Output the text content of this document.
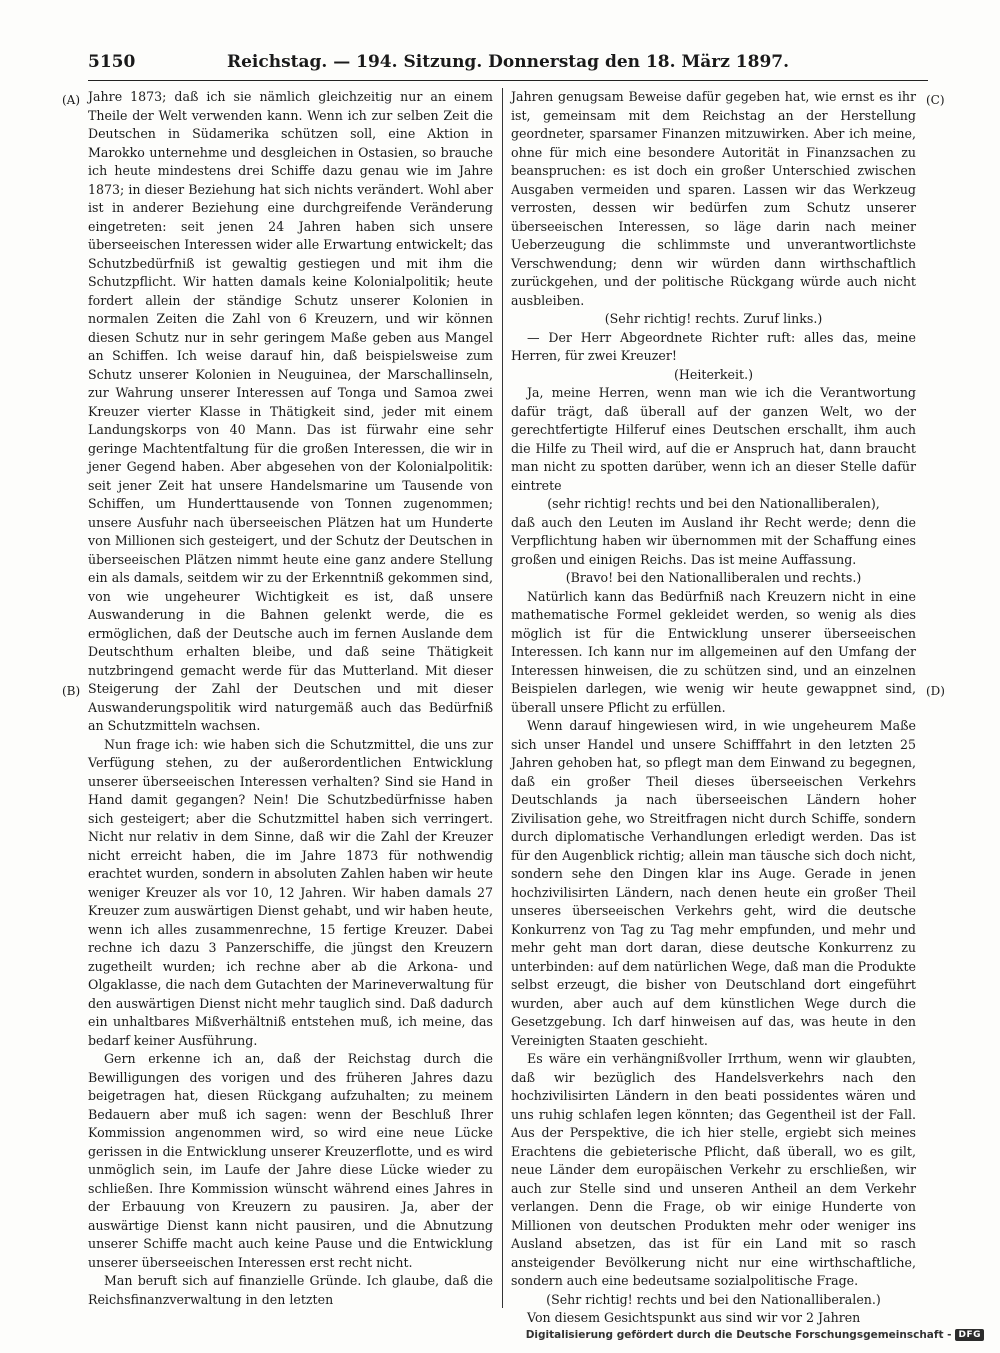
5150	Reichstag. — 194. Sitzung. Donnerstag den 18. März 1897.
(A)
(B)
(C)
(D)

Jahre 1873; daß ich sie nämlich gleichzeitig nur an einem Theile der Welt verwenden kann. Wenn ich zur selben Zeit die Deutschen in Südamerika schützen soll, eine Aktion in Marokko unternehme und desgleichen in Ostasien, so brauche ich heute mindestens drei Schiffe dazu genau wie im Jahre 1873; in dieser Beziehung hat sich nichts verändert. Wohl aber ist in anderer Beziehung eine durchgreifende Veränderung eingetreten: seit jenen 24 Jahren haben sich unsere überseeischen Interessen wider alle Erwartung entwickelt; das Schutzbedürfniß ist gewaltig gestiegen und mit ihm die Schutzpflicht. Wir hatten damals keine Kolonialpolitik; heute fordert allein der ständige Schutz unserer Kolonien in normalen Zeiten die Zahl von 6 Kreuzern, und wir können diesen Schutz nur in sehr geringem Maße geben aus Mangel an Schiffen. Ich weise darauf hin, daß beispielsweise zum Schutz unserer Kolonien in Neuguinea, der Marschallinseln, zur Wahrung unserer Interessen auf Tonga und Samoa zwei Kreuzer vierter Klasse in Thätigkeit sind, jeder mit einem Landungskorps von 40 Mann. Das ist fürwahr eine sehr geringe Machtentfaltung für die großen Interessen, die wir in jener Gegend haben. Aber abgesehen von der Kolonialpolitik: seit jener Zeit hat unsere Handelsmarine um Tausende von Schiffen, um Hunderttausende von Tonnen zugenommen; unsere Ausfuhr nach überseeischen Plätzen hat um Hunderte von Millionen sich gesteigert, und der Schutz der Deutschen in überseeischen Plätzen nimmt heute eine ganz andere Stellung ein als damals, seitdem wir zu der Erkenntniß gekommen sind, von wie ungeheurer Wichtigkeit es ist, daß unsere Auswanderung in die Bahnen gelenkt werde, die es ermöglichen, daß der Deutsche auch im fernen Auslande dem Deutschthum erhalten bleibe, und daß seine Thätigkeit nutzbringend gemacht werde für das Mutterland. Mit dieser Steigerung der Zahl der Deutschen und mit dieser Auswanderungspolitik wird naturgemäß auch das Bedürfniß an Schutzmitteln wachsen.

Nun frage ich: wie haben sich die Schutzmittel, die uns zur Verfügung stehen, zu der außerordentlichen Entwicklung unserer überseeischen Interessen verhalten? Sind sie Hand in Hand damit gegangen? Nein! Die Schutzbedürfnisse haben sich gesteigert; aber die Schutzmittel haben sich verringert. Nicht nur relativ in dem Sinne, daß wir die Zahl der Kreuzer nicht erreicht haben, die im Jahre 1873 für nothwendig erachtet wurden, sondern in absoluten Zahlen haben wir heute weniger Kreuzer als vor 10, 12 Jahren. Wir haben damals 27 Kreuzer zum auswärtigen Dienst gehabt, und wir haben heute, wenn ich alles zusammenrechne, 15 fertige Kreuzer. Dabei rechne ich dazu 3 Panzerschiffe, die jüngst den Kreuzern zugetheilt wurden; ich rechne aber ab die Arkona- und Olgaklasse, die nach dem Gutachten der Marineverwaltung für den auswärtigen Dienst nicht mehr tauglich sind. Daß dadurch ein unhaltbares Mißverhältniß entstehen muß, ich meine, das bedarf keiner Ausführung.

Gern erkenne ich an, daß der Reichstag durch die Bewilligungen des vorigen und des früheren Jahres dazu beigetragen hat, diesen Rückgang aufzuhalten; zu meinem Bedauern aber muß ich sagen: wenn der Beschluß Ihrer Kommission angenommen wird, so wird eine neue Lücke gerissen in die Entwicklung unserer Kreuzerflotte, und es wird unmöglich sein, im Laufe der Jahre diese Lücke wieder zu schließen. Ihre Kommission wünscht während eines Jahres in der Erbauung von Kreuzern zu pausiren. Ja, aber der auswärtige Dienst kann nicht pausiren, und die Abnutzung unserer Schiffe macht auch keine Pause und die Entwicklung unserer überseeischen Interessen erst recht nicht.

Man beruft sich auf finanzielle Gründe. Ich glaube, daß die Reichsfinanzverwaltung in den letzten

Jahren genugsam Beweise dafür gegeben hat, wie ernst es ihr ist, gemeinsam mit dem Reichstag an der Herstellung geordneter, sparsamer Finanzen mitzuwirken. Aber ich meine, ohne für mich eine besondere Autorität in Finanzsachen zu beanspruchen: es ist doch ein großer Unterschied zwischen Ausgaben vermeiden und sparen. Lassen wir das Werkzeug verrosten, dessen wir bedürfen zum Schutz unserer überseeischen Interessen, so läge darin nach meiner Ueberzeugung die schlimmste und unverantwortlichste Verschwendung; denn wir würden dann wirthschaftlich zurückgehen, und der politische Rückgang würde auch nicht ausbleiben.

(Sehr richtig! rechts. Zuruf links.)

— Der Herr Abgeordnete Richter ruft: alles das, meine Herren, für zwei Kreuzer!

(Heiterkeit.)

Ja, meine Herren, wenn man wie ich die Verantwortung dafür trägt, daß überall auf der ganzen Welt, wo der gerechtfertigte Hilferuf eines Deutschen erschallt, ihm auch die Hilfe zu Theil wird, auf die er Anspruch hat, dann braucht man nicht zu spotten darüber, wenn ich an dieser Stelle dafür eintrete

(sehr richtig! rechts und bei den Nationalliberalen),

daß auch den Leuten im Ausland ihr Recht werde; denn die Verpflichtung haben wir übernommen mit der Schaffung eines großen und einigen Reichs. Das ist meine Auffassung.

(Bravo! bei den Nationalliberalen und rechts.)

Natürlich kann das Bedürfniß nach Kreuzern nicht in eine mathematische Formel gekleidet werden, so wenig als dies möglich ist für die Entwicklung unserer überseeischen Interessen. Ich kann nur im allgemeinen auf den Umfang der Interessen hinweisen, die zu schützen sind, und an einzelnen Beispielen darlegen, wie wenig wir heute gewappnet sind, überall unsere Pflicht zu erfüllen.

Wenn darauf hingewiesen wird, in wie ungeheurem Maße sich unser Handel und unsere Schifffahrt in den letzten 25 Jahren gehoben hat, so pflegt man dem Einwand zu begegnen, daß ein großer Theil dieses überseeischen Verkehrs Deutschlands ja nach überseeischen Ländern hoher Zivilisation gehe, wo Streitfragen nicht durch Schiffe, sondern durch diplomatische Verhandlungen erledigt werden. Das ist für den Augenblick richtig; allein man täusche sich doch nicht, sondern sehe den Dingen klar ins Auge. Gerade in jenen hochzivilisirten Ländern, nach denen heute ein großer Theil unseres überseeischen Verkehrs geht, wird die deutsche Konkurrenz von Tag zu Tag mehr empfunden, und mehr und mehr geht man dort daran, diese deutsche Konkurrenz zu unterbinden: auf dem natürlichen Wege, daß man die Produkte selbst erzeugt, die bisher von Deutschland dort eingeführt wurden, aber auch auf dem künstlichen Wege durch die Gesetzgebung. Ich darf hinweisen auf das, was heute in den Vereinigten Staaten geschieht.

Es wäre ein verhängnißvoller Irrthum, wenn wir glaubten, daß wir bezüglich des Handelsverkehrs nach den hochzivilisirten Ländern in den beati possidentes wären und uns ruhig schlafen legen könnten; das Gegentheil ist der Fall. Aus der Perspektive, die ich hier stelle, ergiebt sich meines Erachtens die gebieterische Pflicht, daß überall, wo es gilt, neue Länder dem europäischen Verkehr zu erschließen, wir auch zur Stelle sind und unseren Antheil an dem Verkehr verlangen. Denn die Frage, ob wir einige Hunderte von Millionen von deutschen Produkten mehr oder weniger ins Ausland absetzen, das ist für ein Land mit so rasch ansteigender Bevölkerung nicht nur eine wirthschaftliche, sondern auch eine bedeutsame sozialpolitische Frage.

(Sehr richtig! rechts und bei den Nationalliberalen.)

Von diesem Gesichtspunkt aus sind wir vor 2 Jahren

Digitalisierung gefördert durch die Deutsche Forschungsgemeinschaft - DFG
